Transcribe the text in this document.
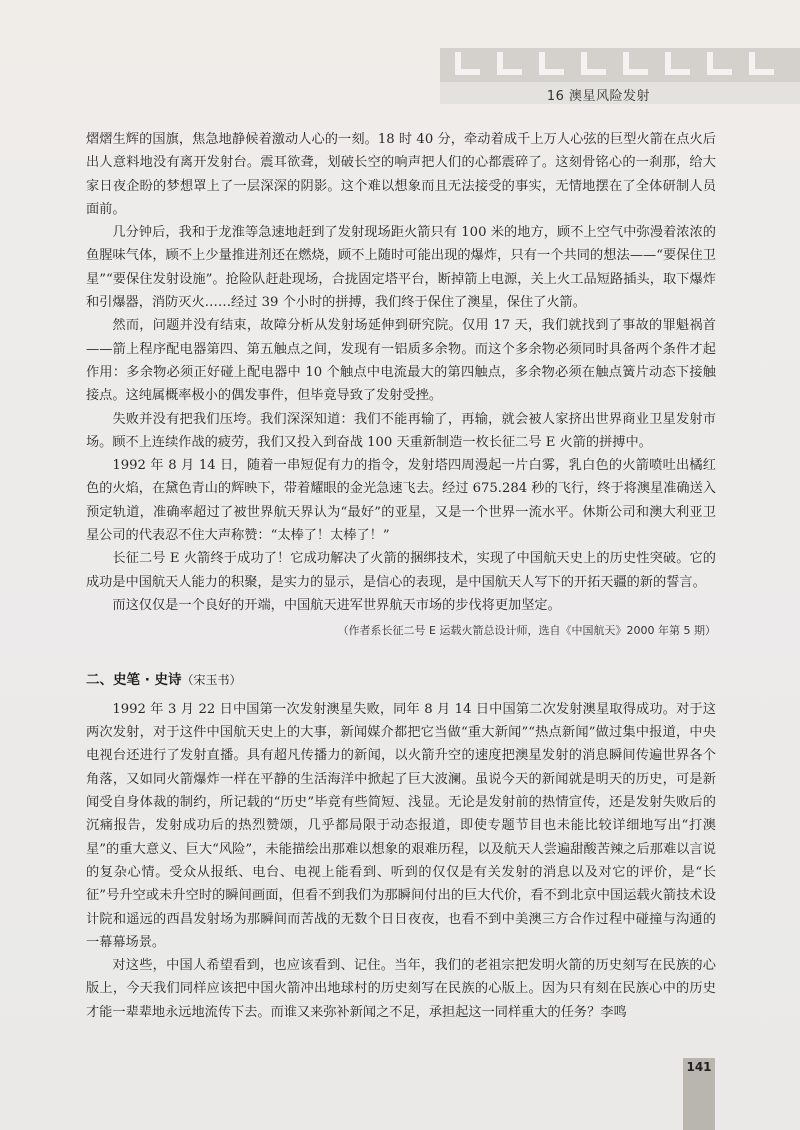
16 澳星风险发射

熠熠生辉的国旗，焦急地静候着激动人心的一刻。18 时 40 分，牵动着成千上万人心弦的巨型火箭在点火后出人意料地没有离开发射台。震耳欲聋，划破长空的响声把人们的心都震碎了。这刻骨铭心的一刹那，给大家日夜企盼的梦想罩上了一层深深的阴影。这个难以想象而且无法接受的事实，无情地摆在了全体研制人员面前。

几分钟后，我和于龙淮等急速地赶到了发射现场距火箭只有 100 米的地方，顾不上空气中弥漫着浓浓的鱼腥味气体，顾不上少量推进剂还在燃烧，顾不上随时可能出现的爆炸，只有一个共同的想法——“要保住卫星”“要保住发射设施”。抢险队赶赴现场，合拢固定塔平台，断掉箭上电源，关上火工品短路插头，取下爆炸和引爆器，消防灭火……经过 39 个小时的拼搏，我们终于保住了澳星，保住了火箭。

然而，问题并没有结束，故障分析从发射场延伸到研究院。仅用 17 天，我们就找到了事故的罪魁祸首——箭上程序配电器第四、第五触点之间，发现有一铝质多余物。而这个多余物必须同时具备两个条件才起作用：多余物必须正好碰上配电器中 10 个触点中电流最大的第四触点，多余物必须在触点簧片动态下接触接点。这纯属概率极小的偶发事件，但毕竟导致了发射受挫。

失败并没有把我们压垮。我们深深知道：我们不能再输了，再输，就会被人家挤出世界商业卫星发射市场。顾不上连续作战的疲劳，我们又投入到奋战 100 天重新制造一枚长征二号 E 火箭的拼搏中。

1992 年 8 月 14 日，随着一串短促有力的指令，发射塔四周漫起一片白雾，乳白色的火箭喷吐出橘红色的火焰，在黛色青山的辉映下，带着耀眼的金光急速飞去。经过 675.284 秒的飞行，终于将澳星准确送入预定轨道，准确率超过了被世界航天界认为“最好”的亚星，又是一个世界一流水平。休斯公司和澳大利亚卫星公司的代表忍不住大声称赞：“太棒了！太棒了！”

长征二号 E 火箭终于成功了！它成功解决了火箭的捆绑技术，实现了中国航天史上的历史性突破。它的成功是中国航天人能力的积聚，是实力的显示，是信心的表现，是中国航天人写下的开拓天疆的新的誓言。

而这仅仅是一个良好的开端，中国航天进军世界航天市场的步伐将更加坚定。

（作者系长征二号 E 运载火箭总设计师，选自《中国航天》2000 年第 5 期）

二、史笔 · 史诗（宋玉书）

1992 年 3 月 22 日中国第一次发射澳星失败，同年 8 月 14 日中国第二次发射澳星取得成功。对于这两次发射，对于这件中国航天史上的大事，新闻媒介都把它当做“重大新闻”“热点新闻”做过集中报道，中央电视台还进行了发射直播。具有超凡传播力的新闻，以火箭升空的速度把澳星发射的消息瞬间传遍世界各个角落，又如同火箭爆炸一样在平静的生活海洋中掀起了巨大波澜。虽说今天的新闻就是明天的历史，可是新闻受自身体裁的制约，所记载的“历史”毕竟有些简短、浅显。无论是发射前的热情宣传，还是发射失败后的沉痛报告，发射成功后的热烈赞颂，几乎都局限于动态报道，即使专题节目也未能比较详细地写出“打澳星”的重大意义、巨大“风险”，未能描绘出那难以想象的艰难历程，以及航天人尝遍甜酸苦辣之后那难以言说的复杂心情。受众从报纸、电台、电视上能看到、听到的仅仅是有关发射的消息以及对它的评价，是“长征”号升空或未升空时的瞬间画面，但看不到我们为那瞬间付出的巨大代价，看不到北京中国运载火箭技术设计院和遥远的西昌发射场为那瞬间而苦战的无数个日日夜夜，也看不到中美澳三方合作过程中碰撞与沟通的一幕幕场景。

对这些，中国人希望看到，也应该看到、记住。当年，我们的老祖宗把发明火箭的历史刻写在民族的心版上，今天我们同样应该把中国火箭冲出地球村的历史刻写在民族的心版上。因为只有刻在民族心中的历史才能一辈辈地永远地流传下去。而谁又来弥补新闻之不足，承担起这一同样重大的任务？李鸣

141
